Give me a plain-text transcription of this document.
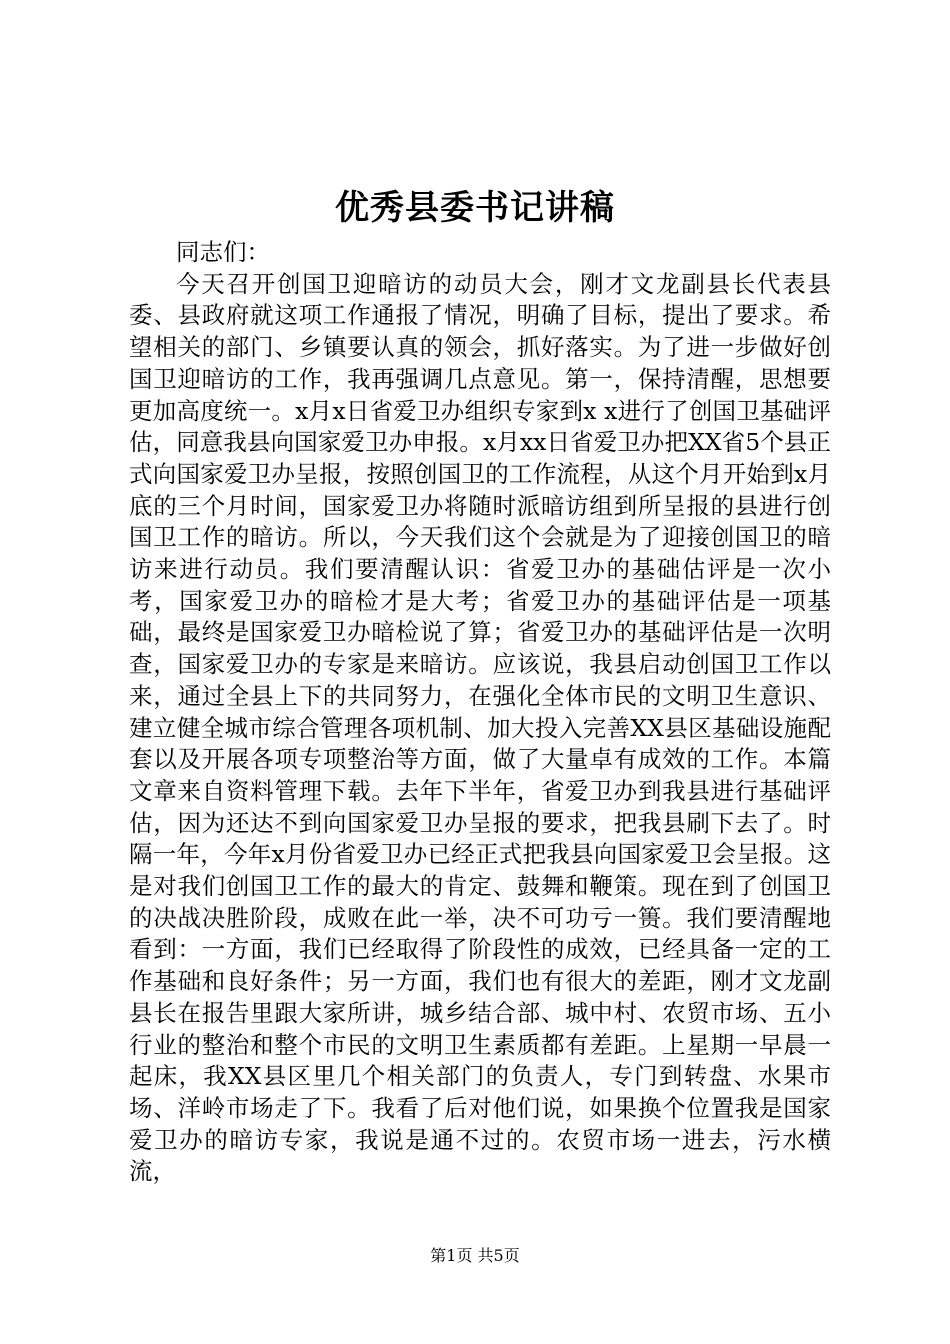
优秀县委书记讲稿

同志们：

今天召开创国卫迎暗访的动员大会，刚才文龙副县长代表县委、县政府就这项工作通报了情况，明确了目标，提出了要求。希望相关的部门、乡镇要认真的领会，抓好落实。为了进一步做好创国卫迎暗访的工作，我再强调几点意见。第一，保持清醒，思想要更加高度统一。x月x日省爱卫办组织专家到x x进行了创国卫基础评估，同意我县向国家爱卫办申报。x月xx日省爱卫办把XX省5个县正式向国家爱卫办呈报，按照创国卫的工作流程，从这个月开始到x月底的三个月时间，国家爱卫办将随时派暗访组到所呈报的县进行创国卫工作的暗访。所以，今天我们这个会就是为了迎接创国卫的暗访来进行动员。我们要清醒认识：省爱卫办的基础估评是一次小考，国家爱卫办的暗检才是大考；省爱卫办的基础评估是一项基础，最终是国家爱卫办暗检说了算；省爱卫办的基础评估是一次明查，国家爱卫办的专家是来暗访。应该说，我县启动创国卫工作以来，通过全县上下的共同努力，在强化全体市民的文明卫生意识、建立健全城市综合管理各项机制、加大投入完善XX县区基础设施配套以及开展各项专项整治等方面，做了大量卓有成效的工作。本篇文章来自资料管理下载。去年下半年，省爱卫办到我县进行基础评估，因为还达不到向国家爱卫办呈报的要求，把我县刷下去了。时隔一年，今年x月份省爱卫办已经正式把我县向国家爱卫会呈报。这是对我们创国卫工作的最大的肯定、鼓舞和鞭策。现在到了创国卫的决战决胜阶段，成败在此一举，决不可功亏一篑。我们要清醒地看到：一方面，我们已经取得了阶段性的成效，已经具备一定的工作基础和良好条件；另一方面，我们也有很大的差距，刚才文龙副县长在报告里跟大家所讲，城乡结合部、城中村、农贸市场、五小行业的整治和整个市民的文明卫生素质都有差距。上星期一早晨一起床，我XX县区里几个相关部门的负责人，专门到转盘、水果市场、洋岭市场走了下。我看了后对他们说，如果换个位置我是国家爱卫办的暗访专家，我说是通不过的。农贸市场一进去，污水横流，

第1页 共5页
